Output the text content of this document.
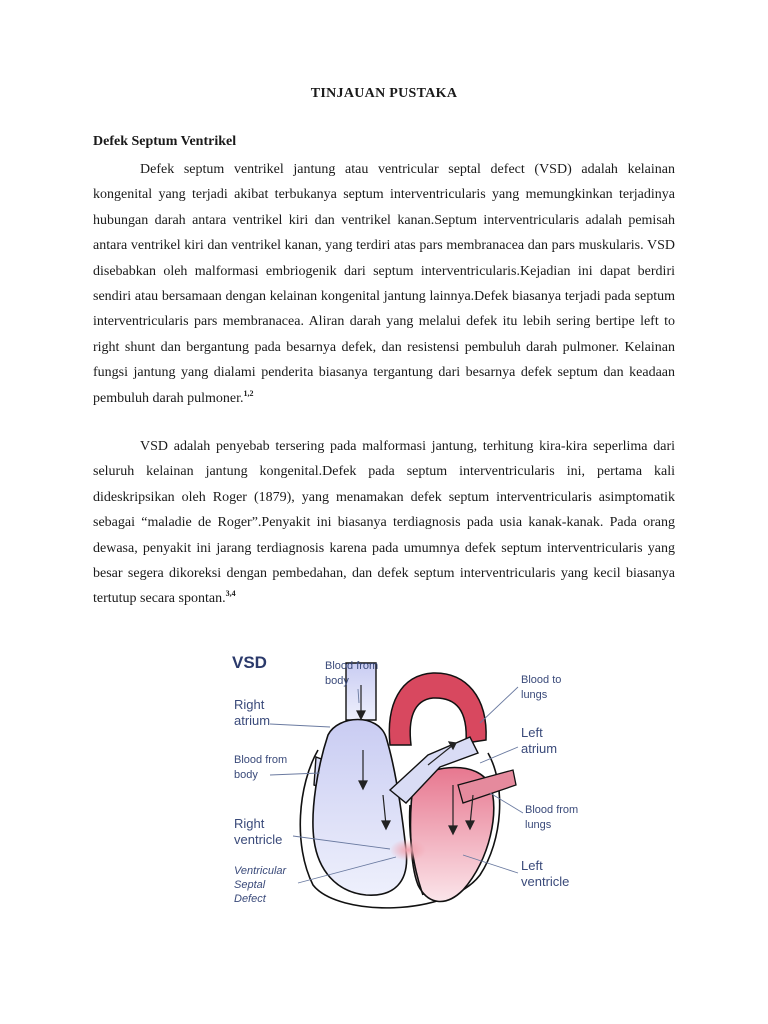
TINJAUAN PUSTAKA
Defek Septum Ventrikel

Defek septum ventrikel jantung atau ventricular septal defect (VSD) adalah kelainan kongenital yang terjadi akibat terbukanya septum interventricularis yang memungkinkan terjadinya hubungan darah antara ventrikel kiri dan ventrikel kanan.Septum interventricularis adalah pemisah antara ventrikel kiri dan ventrikel kanan, yang terdiri atas pars membranacea dan pars muskularis. VSD disebabkan oleh malformasi embriogenik dari septum interventricularis.Kejadian ini dapat berdiri sendiri atau bersamaan dengan kelainan kongenital jantung lainnya.Defek biasanya terjadi pada septum interventricularis pars membranacea. Aliran darah yang melalui defek itu lebih sering bertipe left to right shunt dan bergantung pada besarnya defek, dan resistensi pembuluh darah pulmoner. Kelainan fungsi jantung yang dialami penderita biasanya tergantung dari besarnya defek septum dan keadaan pembuluh darah pulmoner.$^{1,2}$

VSD adalah penyebab tersering pada malformasi jantung, terhitung kira-kira seperlima dari seluruh kelainan jantung kongenital.Defek pada septum interventricularis ini, pertama kali dideskripsikan oleh Roger (1879), yang menamakan defek septum interventricularis asimptomatik sebagai “maladie de Roger”.Penyakit ini biasanya terdiagnosis pada usia kanak-kanak. Pada orang dewasa, penyakit ini jarang terdiagnosis karena pada umumnya defek septum interventricularis yang besar segera dikoreksi dengan pembedahan, dan defek septum interventricularis yang kecil biasanya tertutup secara spontan.$^{3,4}$

VSD
Right atrium
Blood from body
Right ventricle
Ventricular Septal Defect
Blood from body	Blood to lungs
Left atrium
Blood from lungs
Left ventricle
